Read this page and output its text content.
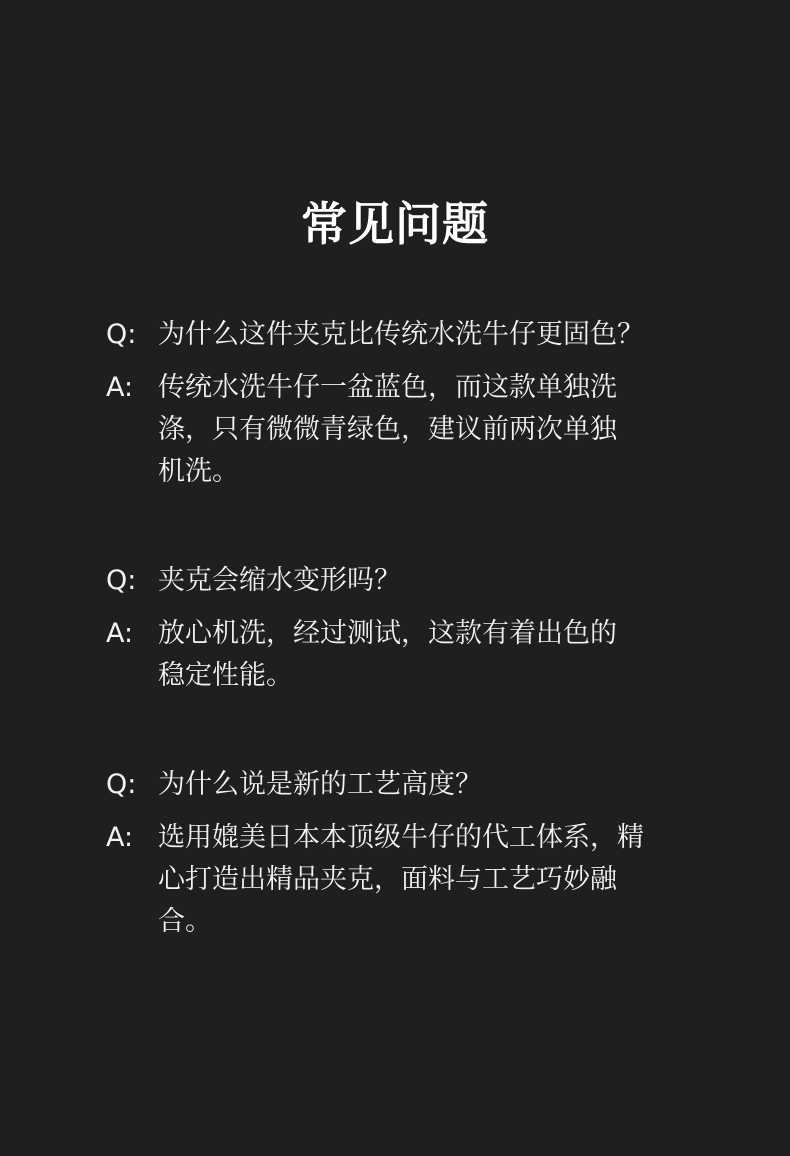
常见问题
Q: 为什么这件夹克比传统水洗牛仔更固色？
A: 传统水洗牛仔一盆蓝色，而这款单独洗
涤，只有微微青绿色，建议前两次单独
机洗。
Q: 夹克会缩水变形吗？
A: 放心机洗，经过测试，这款有着出色的
稳定性能。
Q: 为什么说是新的工艺高度？
A: 选用媲美日本本顶级牛仔的代工体系，精
心打造出精品夹克，面料与工艺巧妙融
合。
